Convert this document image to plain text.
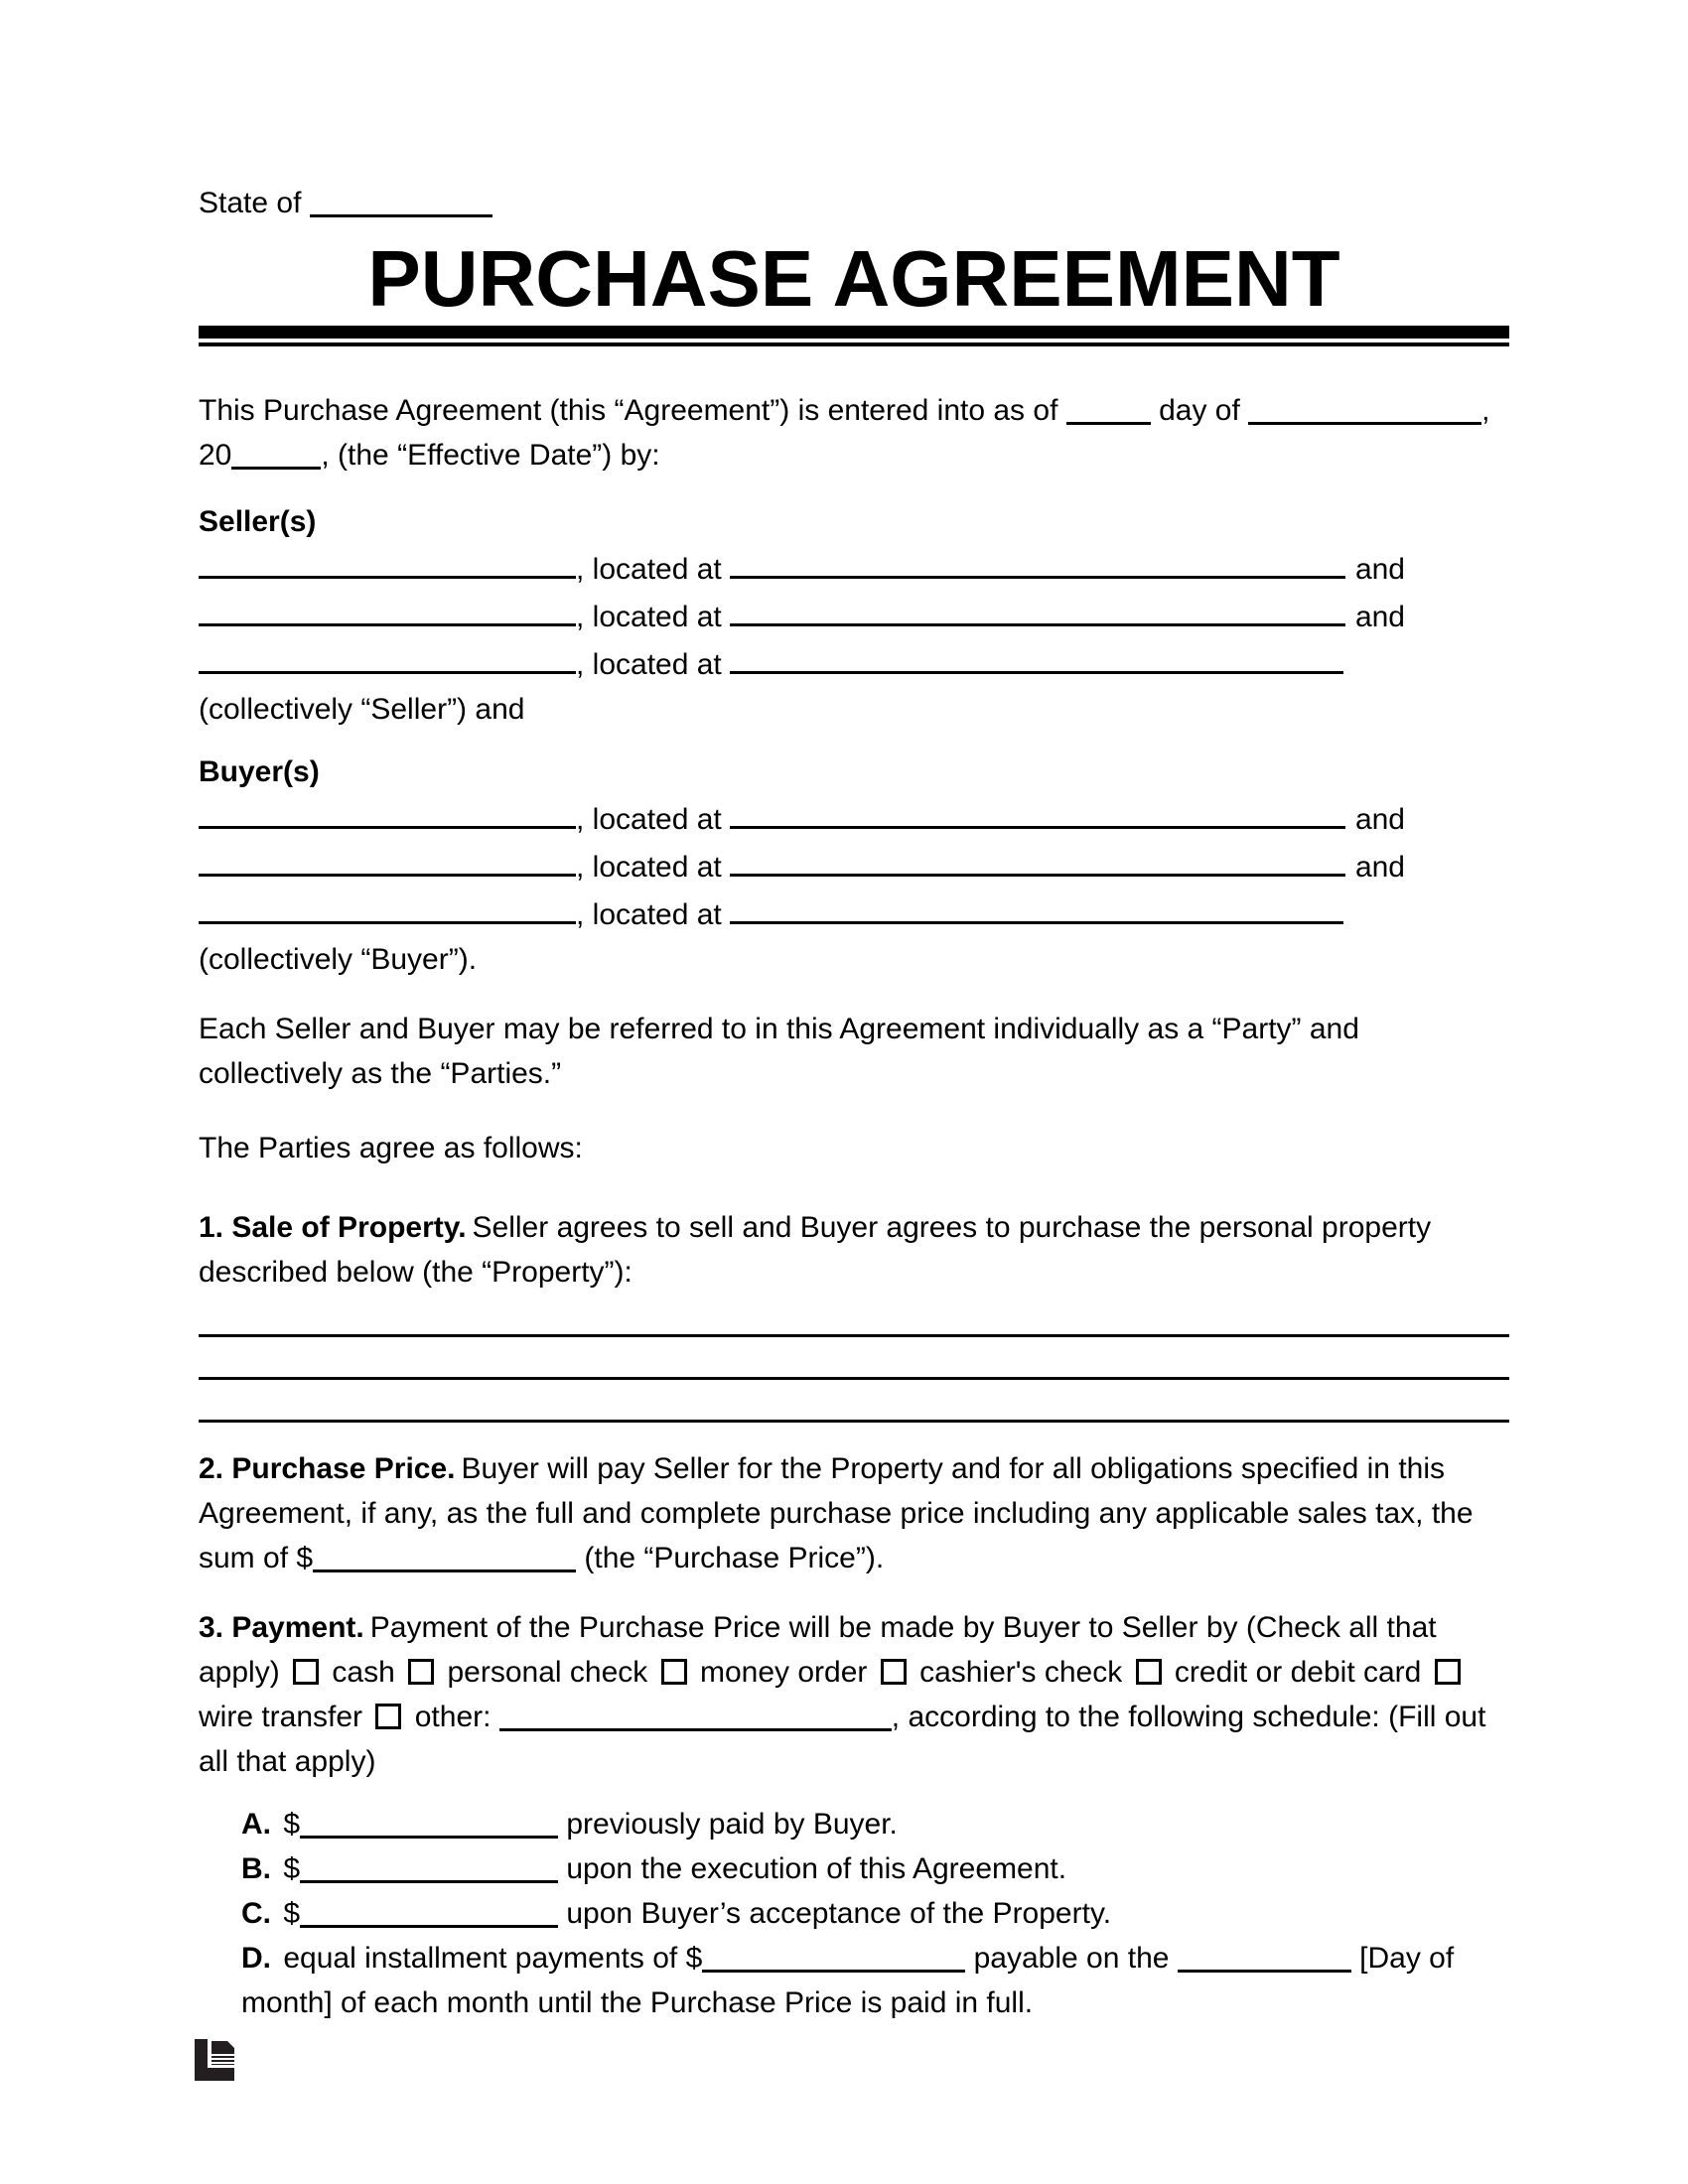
State of
PURCHASE AGREEMENT
This Purchase Agreement (this “Agreement”) is entered into as of	day of	,
20	, (the “Effective Date”) by:
Seller(s)
, located at	and
, located at	and
, located at
(collectively “Seller”) and
Buyer(s)
, located at	and
, located at	and
, located at
(collectively “Buyer”).

Each Seller and Buyer may be referred to in this Agreement individually as a “Party” and collectively as the “Parties.”

The Parties agree as follows:

1. Sale of Property. Seller agrees to sell and Buyer agrees to purchase the personal property described below (the “Property”):

2. Purchase Price. Buyer will pay Seller for the Property and for all obligations specified in this Agreement, if any, as the full and complete purchase price including any applicable sales tax, the sum of $	(the “Purchase Price”).

3. Payment. Payment of the Purchase Price will be made by Buyer to Seller by (Check all that apply) cash personal check money order cashier's check credit or debit card  wire transfer other:	, according to the following schedule: (Fill out all that apply)

A. $	previously paid by Buyer.
B. $	upon the execution of this Agreement.
C. $	upon Buyer’s acceptance of the Property.
D. equal installment payments of $	payable on the	[Day of month] of each month until the Purchase Price is paid in full.
